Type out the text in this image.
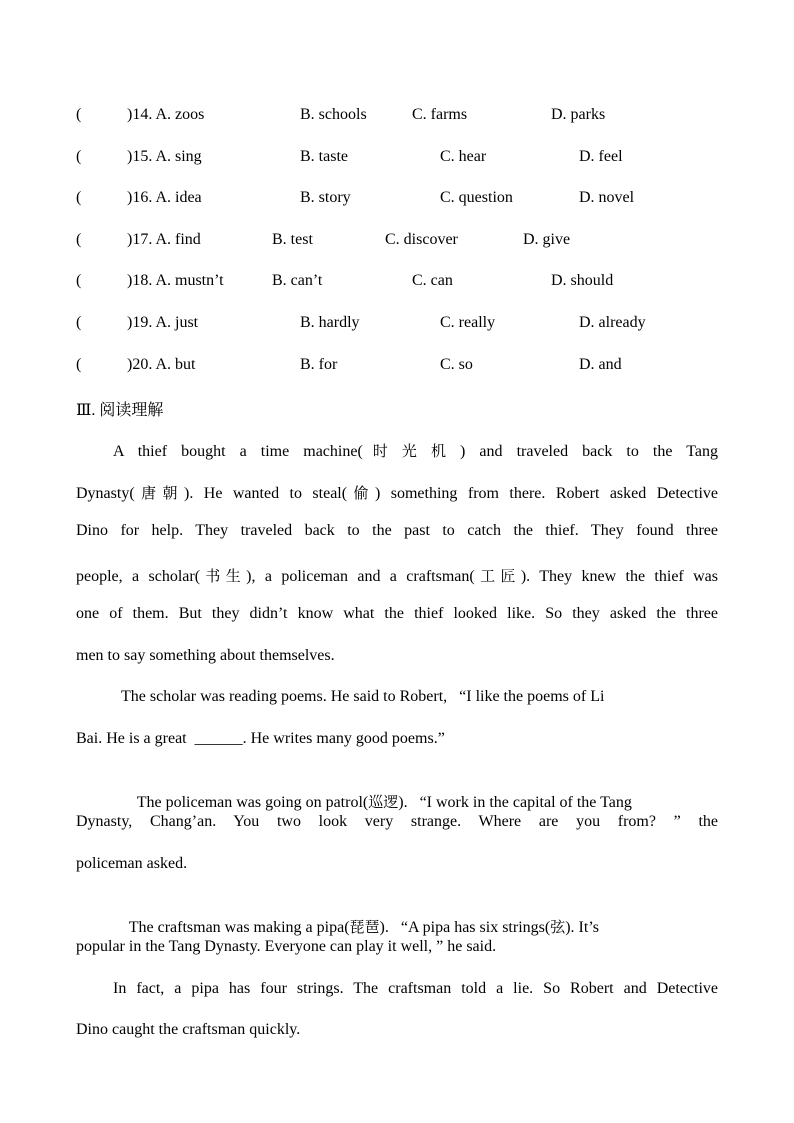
(	)14. A. zoos	B. schools	C. farms	D. parks
(	)15. A. sing	B. taste	C. hear	D. feel
(	)16. A. idea	B. story	C. question	D. novel
(	)17. A. find	B. test	C. discover	D. give
(	)18. A. mustn’t	B. can’t	C. can	D. should
(	)19. A. just	B. hardly	C. really	D. already
(	)20. A. but	B. for	C. so	D. and
Ⅲ. 阅读理解
A thief bought a time machine(时光机) and traveled back to the Tang
Dynasty(唐朝). He wanted to steal(偷) something from there. Robert asked Detective
Dino for help. They traveled back to the past to catch the thief. They found three
people, a scholar(书生), a policeman and a craftsman(工匠). They knew the thief was
one of them. But they didn’t know what the thief looked like. So they asked the three
men to say something about themselves.
The scholar was reading poems. He said to Robert,   “I like the poems of Li
Bai. He is a great  ______. He writes many good poems.”

The policeman was going on patrol(巡逻).   “I work in the capital of the Tang

Dynasty, Chang’an. You two look very strange. Where are you from? ” the
policeman asked.

The craftsman was making a pipa(琵琶).   “A pipa has six strings(弦). It’s

popular in the Tang Dynasty. Everyone can play it well, ” he said.
In fact, a pipa has four strings. The craftsman told a lie. So Robert and Detective
Dino caught the craftsman quickly.
